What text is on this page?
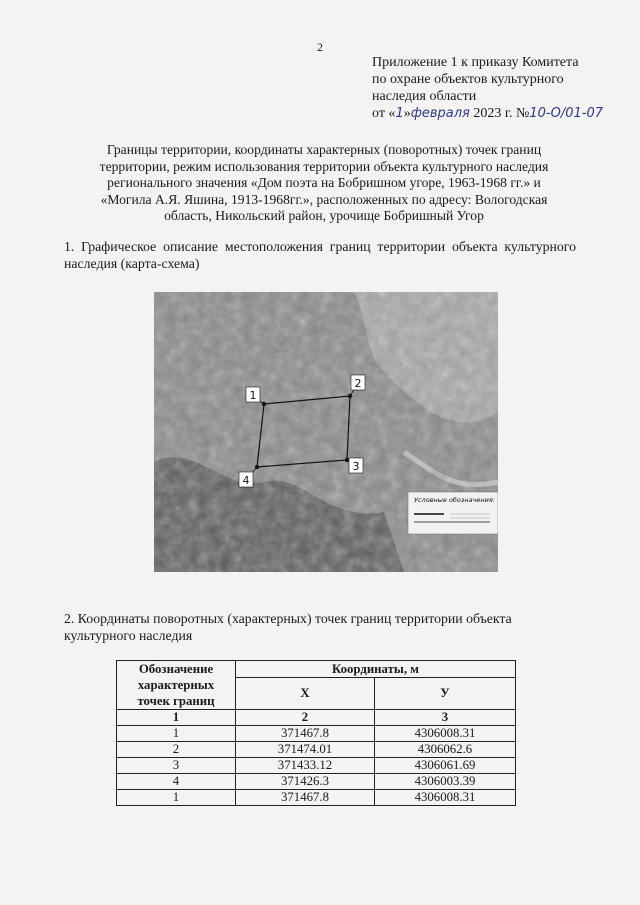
2
Приложение 1 к приказу Комитета
по охране объектов культурного
наследия области
от «1»февраля 2023 г. №10-О/01-07
Границы территории, координаты характерных (поворотных) точек границ
территории, режим использования территории объекта культурного наследия
регионального значения «Дом поэта на Бобришном угоре, 1963-1968 гг.» и
«Могила А.Я. Яшина, 1913-1968гг.», расположенных по адресу: Вологодская
область, Никольский район, урочище Бобришный Угор
1. Графическое описание местоположения границ территории объекта культурного наследия (карта-схема)
1
2
3
4
Условные обозначения:
2. Координаты поворотных (характерных) точек границ территории объекта культурного наследия
Обозначение характерных точек границ	Координаты, м	
	X	У
1	2	3
1	371467.8	4306008.31
2	371474.01	4306062.6
3	371433.12	4306061.69
4	371426.3	4306003.39
1	371467.8	4306008.31
